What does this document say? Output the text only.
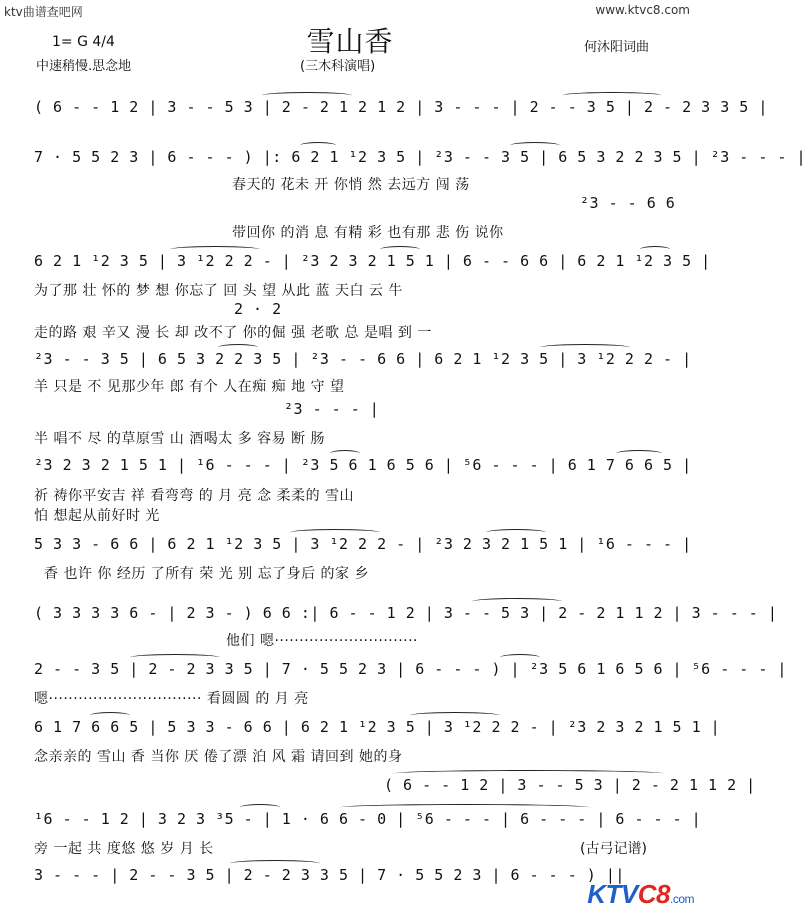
ktv曲谱查吧网	www.ktvc8.com
雪山香
1= G 4/4
中速稍慢.思念地	(三木科演唱)
何沐阳词曲
( 6 - - 1 2 | 3 - - 5 3 | 2 - 2 1 2 1 2 | 3 - - - | 2 - - 3 5 | 2 - 2 3 3 5 |
7 · 5 5 2 3 | 6 - - - ) |: 6 2 1 ¹2 3 5 | ²3 - - 3 5 | 6 5 3 2 2 3 5 | ²3 - - - |
春天的 花未 开 你悄 然 去远方 闯 荡
²3 - - 6 6
带回你 的消 息 有精 彩 也有那 悲 伤 说你
6 2 1 ¹2 3 5 | 3 ¹2 2 2 - | ²3 2 3 2 1 5 1 | 6 - - 6 6 | 6 2 1 ¹2 3 5 |
为了那 壮 怀的 梦 想 你忘了 回 头 望 从此 蓝 天白 云 牛
2 · 2
走的路 艰 辛又 漫 长 却 改不了 你的倔 强 老歌 总 是唱 到 一
²3 - - 3 5 | 6 5 3 2 2 3 5 | ²3 - - 6 6 | 6 2 1 ¹2 3 5 | 3 ¹2 2 2 - |
羊 只是 不 见那少年 郎 有个 人在痴 痴 地 守 望
²3 - - - |
半 唱不 尽 的草原雪 山 酒喝太 多 容易 断 肠
²3 2 3 2 1 5 1 | ¹6 - - - | ²3 5 6 1 6 5 6 | ⁵6 - - - | 6 1 7 6 6 5 |
祈 祷你平安吉 祥 看弯弯 的 月 亮 念 柔柔的 雪山
怕 想起从前好时 光
5 3 3 - 6 6 | 6 2 1 ¹2 3 5 | 3 ¹2 2 2 - | ²3 2 3 2 1 5 1 | ¹6 - - - |
香 也许 你 经历 了所有 荣 光 别 忘了身后 的家 乡
( 3 3 3 3 6 - | 2 3 - ) 6 6 :| 6 - - 1 2 | 3 - - 5 3 | 2 - 2 1 1 2 | 3 - - - |
他们 嗯·····························
2 - - 3 5 | 2 - 2 3 3 5 | 7 · 5 5 2 3 | 6 - - - ) | ²3 5 6 1 6 5 6 | ⁵6 - - - |
嗯······························· 看圆圆 的 月 亮
6 1 7 6 6 5 | 5 3 3 - 6 6 | 6 2 1 ¹2 3 5 | 3 ¹2 2 2 - | ²3 2 3 2 1 5 1 |
念亲亲的 雪山 香 当你 厌 倦了漂 泊 风 霜 请回到 她的身
( 6 - - 1 2 | 3 - - 5 3 | 2 - 2 1 1 2 |
¹6 - - 1 2 | 3 2 3 ³5 - | 1 · 6 6 - 0 | ⁵6 - - - | 6 - - - | 6 - - - |
旁 一起 共 度悠 悠 岁 月 长	(古弓记谱)
3 - - - | 2 - - 3 5 | 2 - 2 3 3 5 | 7 · 5 5 2 3 | 6 - - - ) ||
KTVC8.com
